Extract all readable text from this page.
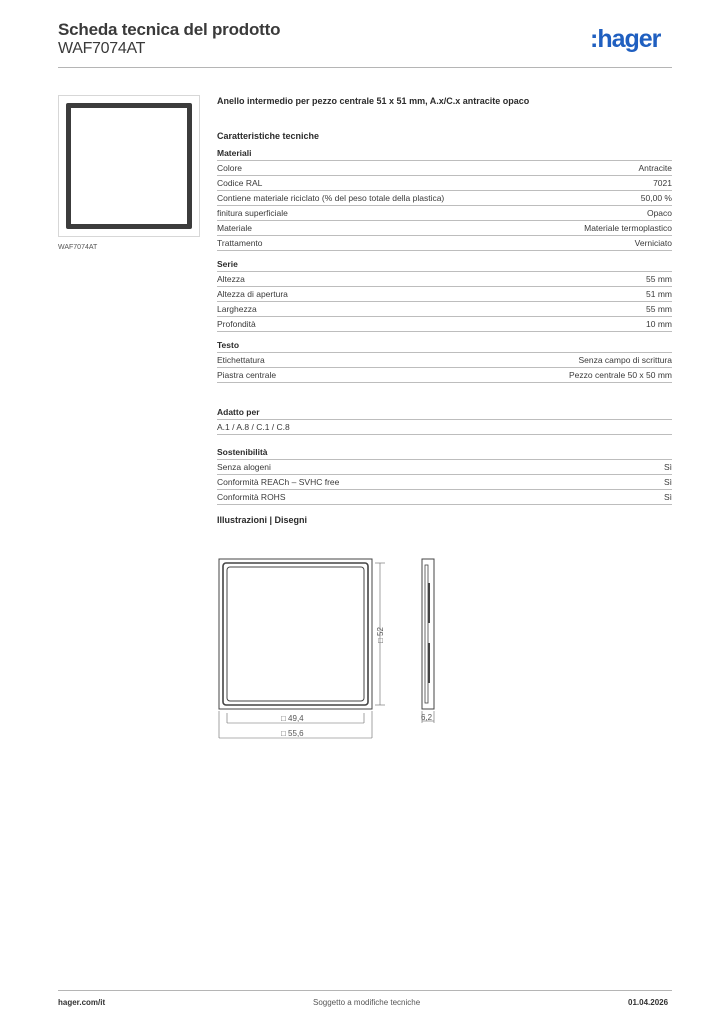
Scheda tecnica del prodotto
WAF7074AT	:hager
WAF7074AT
Anello intermedio per pezzo centrale 51 x 51 mm, A.x/C.x antracite opaco
Caratteristiche tecniche
Materiali
Colore	Antracite
Codice RAL	7021
Contiene materiale riciclato (% del peso totale della plastica)	50,00 %
finitura superficiale	Opaco
Materiale	Materiale termoplastico
Trattamento	Verniciato
Serie
Altezza	55 mm
Altezza di apertura	51 mm
Larghezza	55 mm
Profondità	10 mm
Testo
Etichettatura	Senza campo di scrittura
Piastra centrale	Pezzo centrale 50 x 50 mm
Adatto per
A.1 / A.8 / C.1 / C.8
Sostenibilità
Senza alogeni	Sì
Conformità REACh – SVHC free	Sì
Conformità ROHS	Sì
Illustrazioni | Disegni
□ 52
□ 49,4
□ 55,6
6,2
hager.com/it	Soggetto a modifiche tecniche	01.04.2026
